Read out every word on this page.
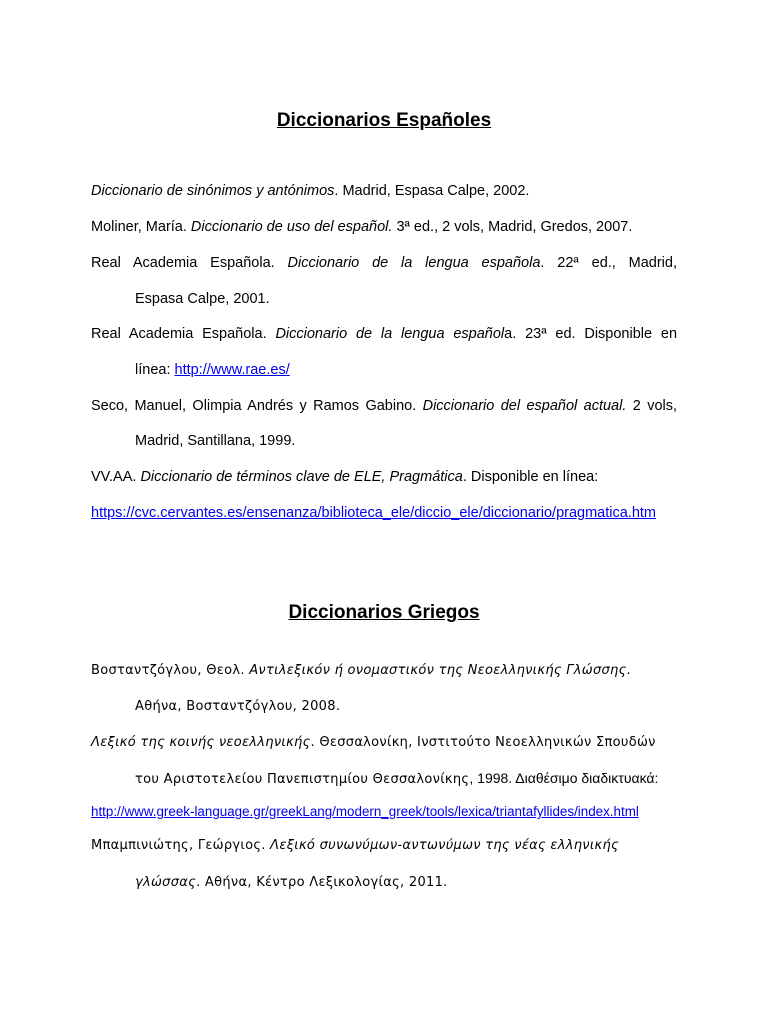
Diccionarios Españoles
Diccionario de sinónimos y antónimos. Madrid, Espasa Calpe, 2002.
Moliner, María. Diccionario de uso del español. 3ª ed., 2 vols, Madrid, Gredos, 2007.
Real Academia Española. Diccionario de la lengua española. 22ª ed., Madrid,
Espasa Calpe, 2001.
Real Academia Española. Diccionario de la lengua española. 23ª ed. Disponible en
línea: http://www.rae.es/
Seco, Manuel, Olimpia Andrés y Ramos Gabino. Diccionario del español actual. 2 vols,
Madrid, Santillana, 1999.
VV.AA. Diccionario de términos clave de ELE, Pragmática. Disponible en línea:
https://cvc.cervantes.es/ensenanza/biblioteca_ele/diccio_ele/diccionario/pragmatica.htm
Diccionarios Griegos
Βοσταντζόγλου, Θεολ. Αντιλεξικόν ή ονομαστικόν της Νεοελληνικής Γλώσσης.
Αθήνα, Βοσταντζόγλου, 2008.
Λεξικό της κοινής νεοελληνικής. Θεσσαλονίκη, Ινστιτούτο Νεοελληνικών Σπουδών
του Αριστοτελείου Πανεπιστημίου Θεσσαλονίκης, 1998. Διαθέσιμο διαδικτυακά:
http://www.greek-language.gr/greekLang/modern_greek/tools/lexica/triantafyllides/index.html
Μπαμπινιώτης, Γεώργιος. Λεξικό συνωνύμων-αντωνύμων της νέας ελληνικής
γλώσσας. Αθήνα, Κέντρο Λεξικολογίας, 2011.
